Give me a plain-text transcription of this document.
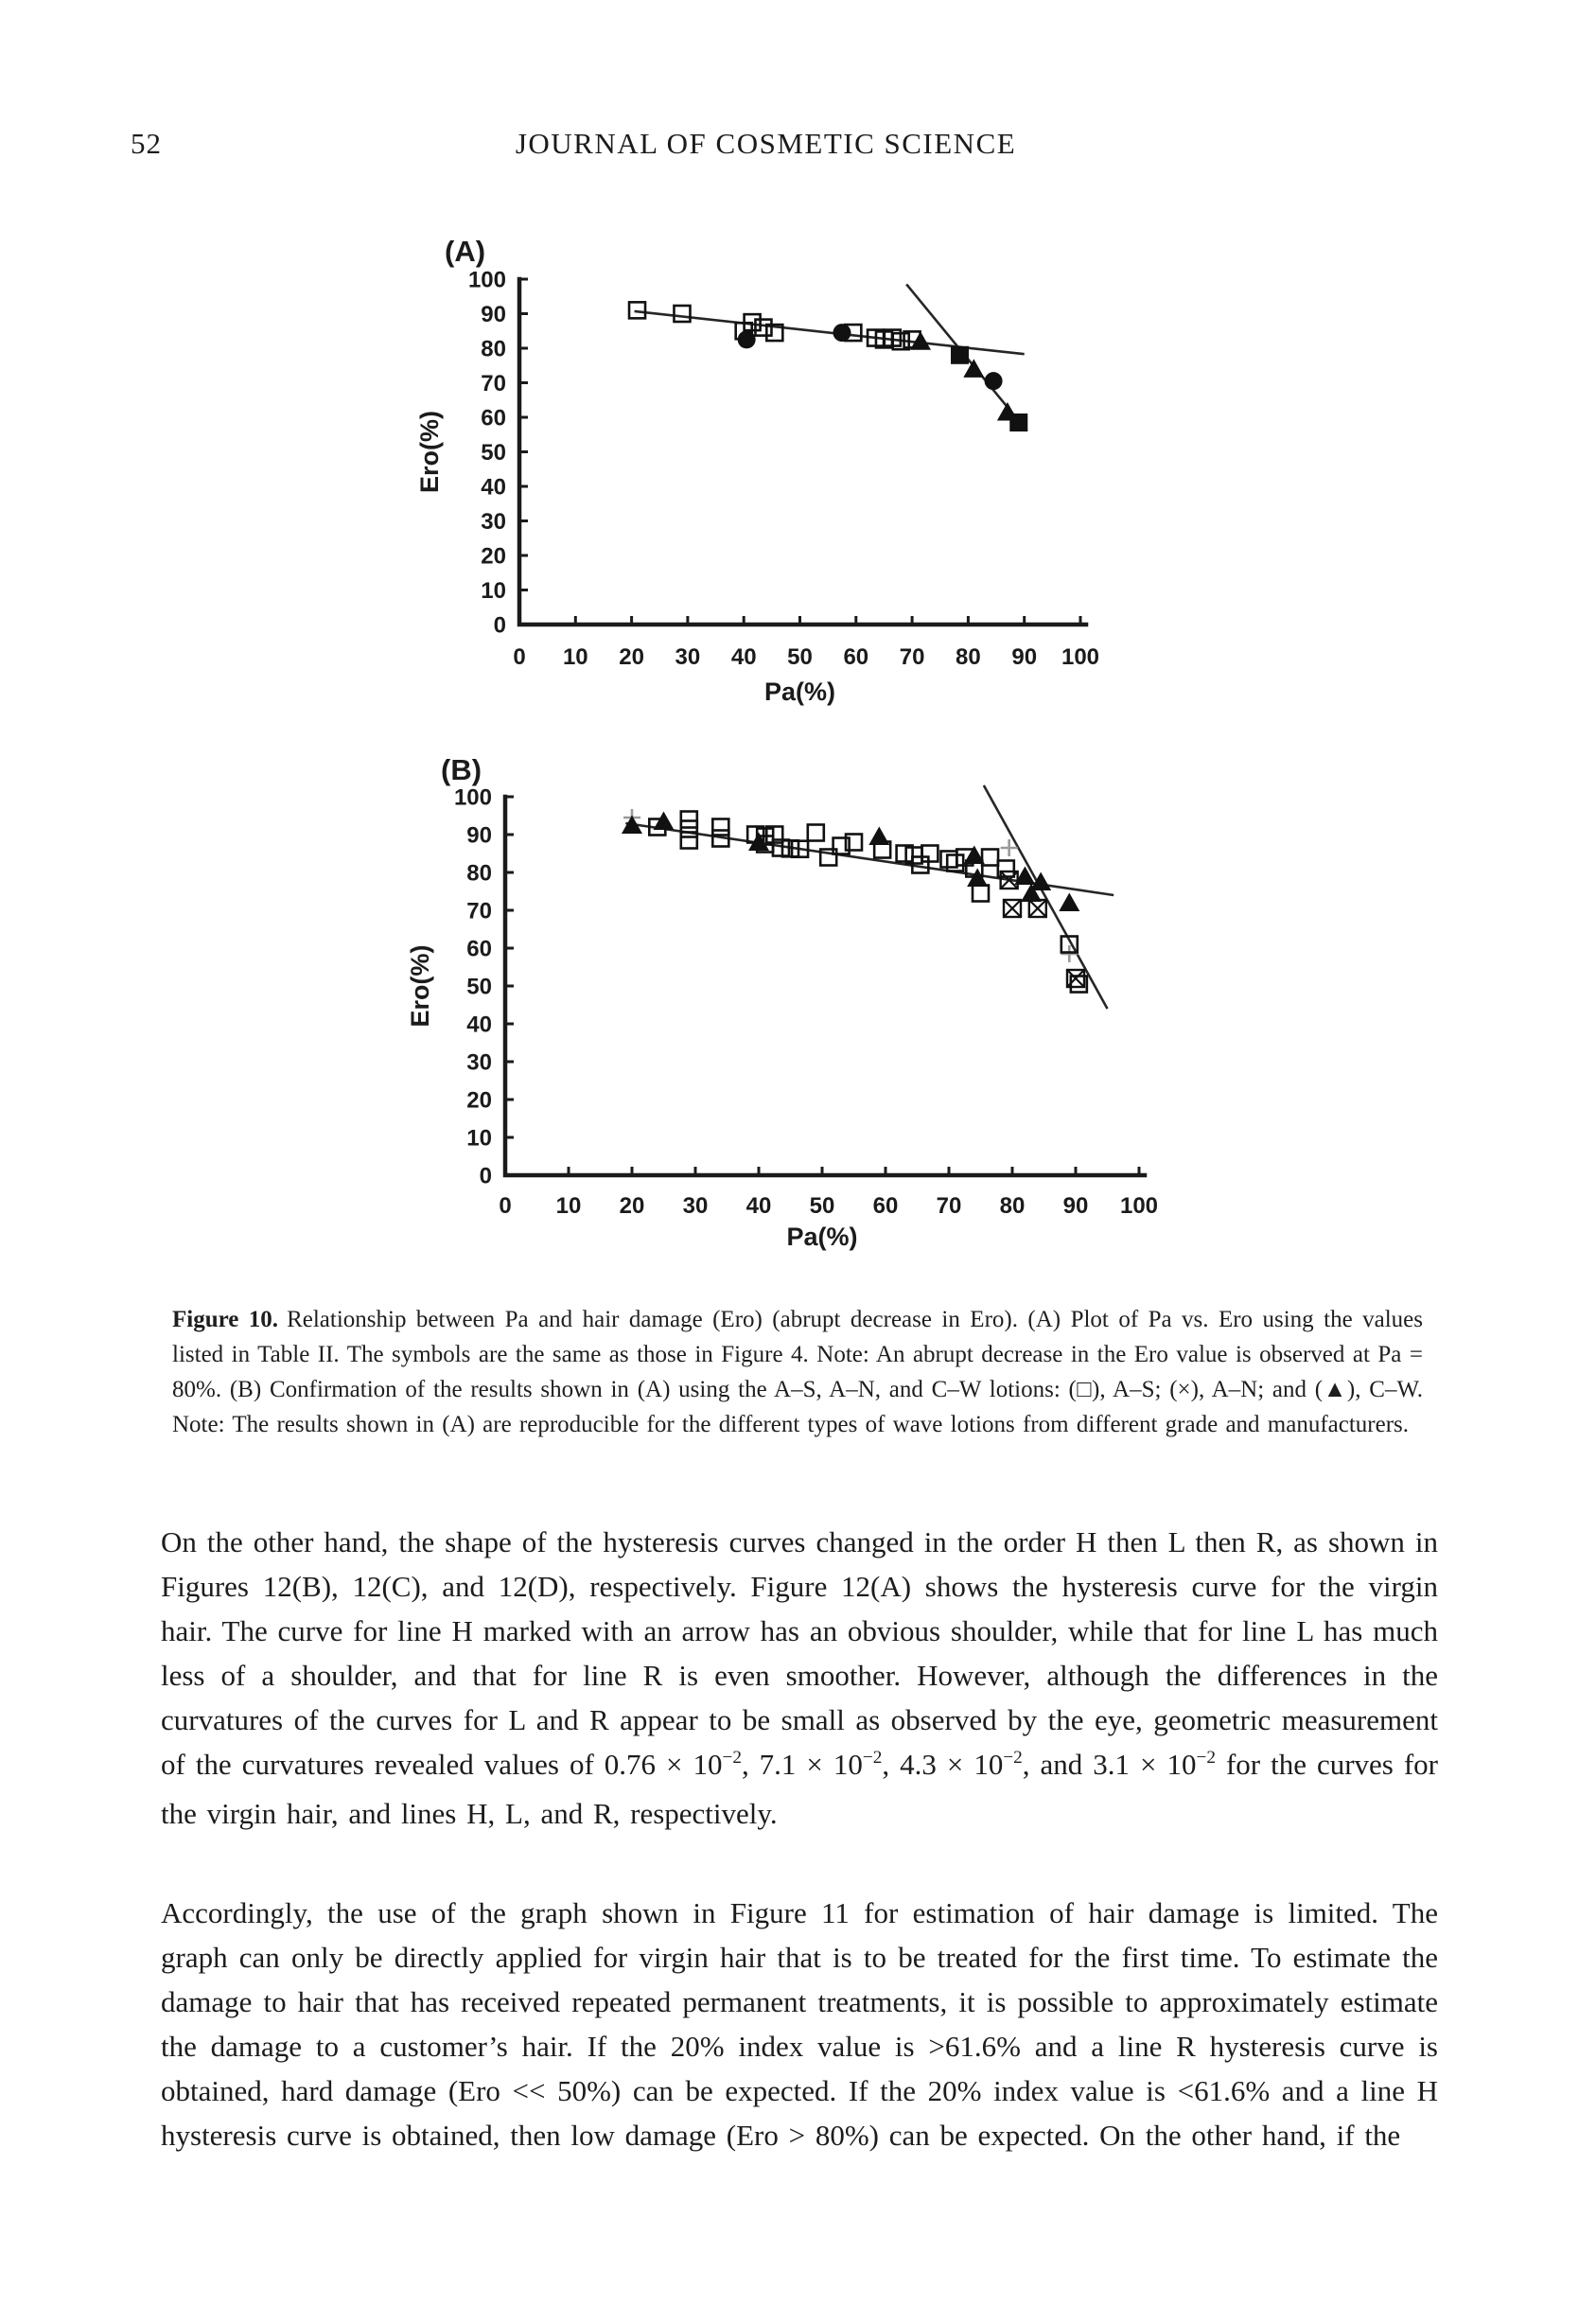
52	JOURNAL OF COSMETIC SCIENCE
(A)
0
10
20
30
40
50
60
70
80
90
100
0 10 20 30 40 50 60 70 80 90 100
Pa(%)
Ero(%)
(B)
0
10
20
30
40
50
60
70
80
90
100
0 10 20 30 40 50 60 70 80 90 100
Pa(%)
Ero(%)
Figure 10. Relationship between Pa and hair damage (Ero) (abrupt decrease in Ero). (A) Plot of Pa vs. Ero using the values listed in Table II. The symbols are the same as those in Figure 4. Note: An abrupt decrease in the Ero value is observed at Pa = 80%. (B) Confirmation of the results shown in (A) using the A–S, A–N, and C–W lotions: (□), A–S; (×), A–N; and (▲), C–W. Note: The results shown in (A) are reproducible for the different types of wave lotions from different grade and manufacturers.

On the other hand, the shape of the hysteresis curves changed in the order H then L then R, as shown in Figures 12(B), 12(C), and 12(D), respectively. Figure 12(A) shows the hysteresis curve for the virgin hair. The curve for line H marked with an arrow has an obvious shoulder, while that for line L has much less of a shoulder, and that for line R is even smoother. However, although the differences in the curvatures of the curves for L and R appear to be small as observed by the eye, geometric measurement of the curvatures revealed values of $0.76 \times 10^{-2}$, $7.1 \times 10^{-2}$, $4.3 \times 10^{-2}$, and $3.1 \times 10^{-2}$ for the curves for the virgin hair, and lines H, L, and R, respectively.

Accordingly, the use of the graph shown in Figure 11 for estimation of hair damage is limited. The graph can only be directly applied for virgin hair that is to be treated for the first time. To estimate the damage to hair that has received repeated permanent treatments, it is possible to approximately estimate the damage to a customer’s hair. If the 20% index value is >61.6% and a line R hysteresis curve is obtained, hard damage (Ero << 50%) can be expected. If the 20% index value is <61.6% and a line H hysteresis curve is obtained, then low damage (Ero > 80%) can be expected. On the other hand, if the
